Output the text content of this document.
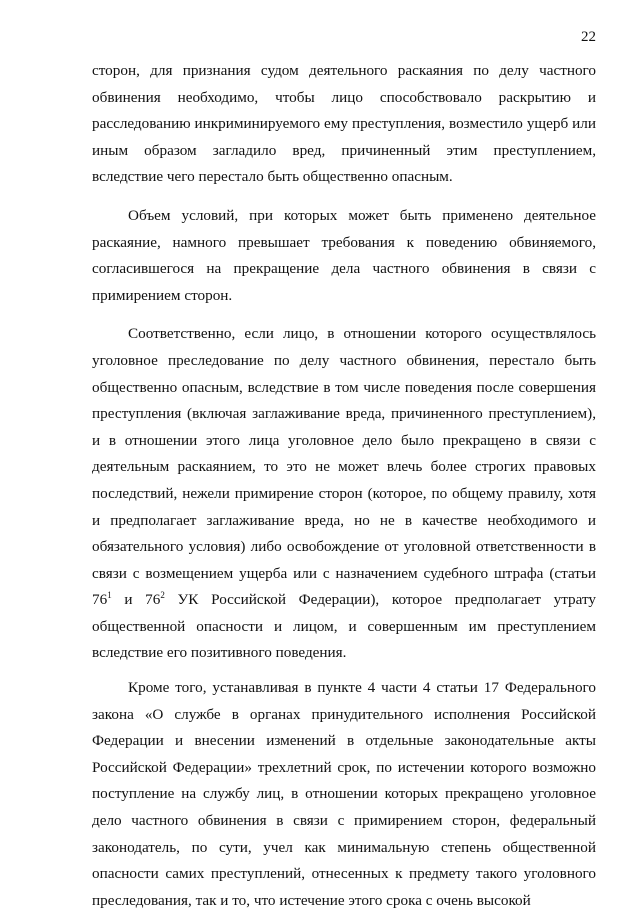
22

сторон, для признания судом деятельного раскаяния по делу частного обвинения необходимо, чтобы лицо способствовало раскрытию и расследованию инкриминируемого ему преступления, возместило ущерб или иным образом загладило вред, причиненный этим преступлением, вследствие чего перестало быть общественно опасным.

Объем условий, при которых может быть применено деятельное раскаяние, намного превышает требования к поведению обвиняемого, согласившегося на прекращение дела частного обвинения в связи с примирением сторон.

Соответственно, если лицо, в отношении которого осуществлялось уголовное преследование по делу частного обвинения, перестало быть общественно опасным, вследствие в том числе поведения после совершения преступления (включая заглаживание вреда, причиненного преступлением), и в отношении этого лица уголовное дело было прекращено в связи с деятельным раскаянием, то это не может влечь более строгих правовых последствий, нежели примирение сторон (которое, по общему правилу, хотя и предполагает заглаживание вреда, но не в качестве необходимого и обязательного условия) либо освобождение от уголовной ответственности в связи с возмещением ущерба или с назначением судебного штрафа (статьи $76^1$ и $76^2$ УК Российской Федерации), которое предполагает утрату общественной опасности и лицом, и совершенным им преступлением вследствие его позитивного поведения.

Кроме того, устанавливая в пункте 4 части 4 статьи 17 Федерального закона «О службе в органах принудительного исполнения Российской Федерации и внесении изменений в отдельные законодательные акты Российской Федерации» трехлетний срок, по истечении которого возможно поступление на службу лиц, в отношении которых прекращено уголовное дело частного обвинения в связи с примирением сторон, федеральный законодатель, по сути, учел как минимальную степень общественной опасности самих преступлений, отнесенных к предмету такого уголовного преследования, так и то, что истечение этого срока с очень высокой
